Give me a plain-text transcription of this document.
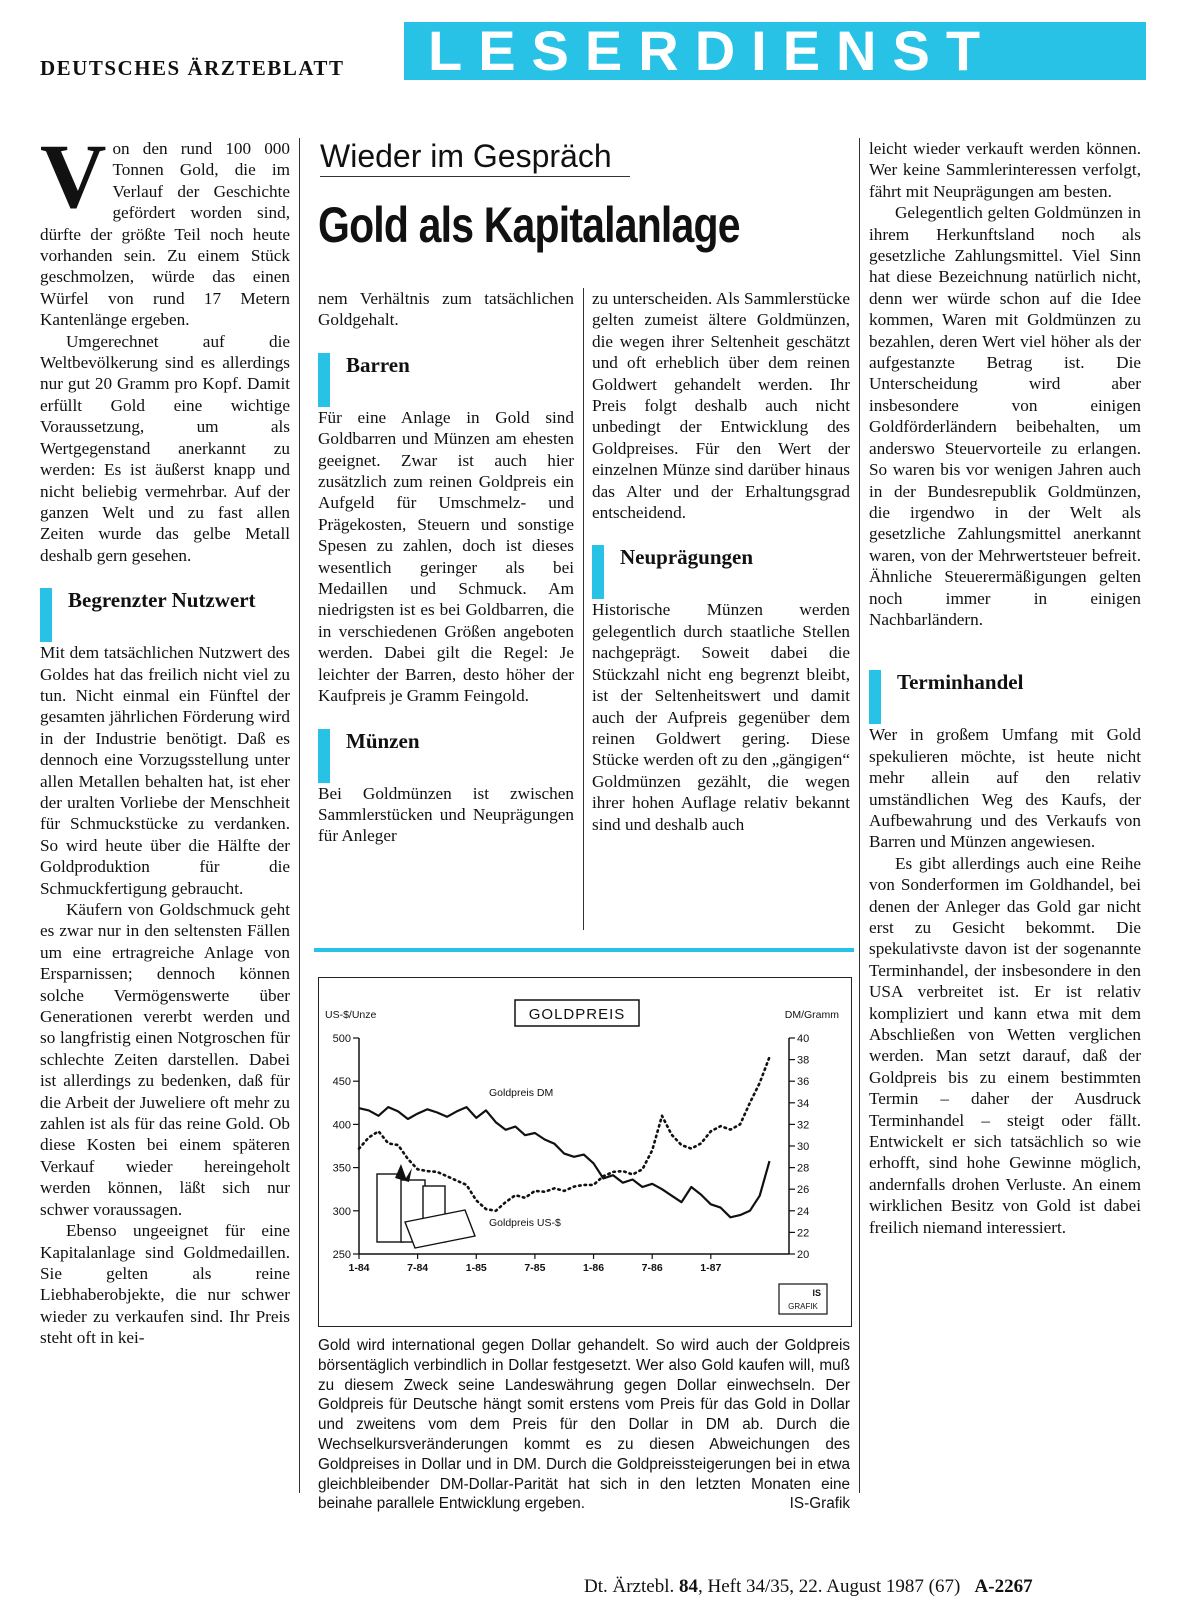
DEUTSCHES ÄRZTEBLATT LESERDIENST

Von den rund 100 000 Tonnen Gold, die im Verlauf der Geschichte gefördert worden sind, dürfte der größte Teil noch heute vorhanden sein. Zu einem Stück geschmolzen, würde das einen Würfel von rund 17 Metern Kantenlänge ergeben.

Umgerechnet auf die Weltbevölkerung sind es allerdings nur gut 20 Gramm pro Kopf. Damit erfüllt Gold eine wichtige Voraussetzung, um als Wertgegenstand anerkannt zu werden: Es ist äußerst knapp und nicht beliebig vermehrbar. Auf der ganzen Welt und zu fast allen Zeiten wurde das gelbe Metall deshalb gern gesehen.

Begrenzter Nutzwert

Mit dem tatsächlichen Nutzwert des Goldes hat das freilich nicht viel zu tun. Nicht einmal ein Fünftel der gesamten jährlichen Förderung wird in der Industrie benötigt. Daß es dennoch eine Vorzugsstellung unter allen Metallen behalten hat, ist eher der uralten Vorliebe der Menschheit für Schmuckstücke zu verdanken. So wird heute über die Hälfte der Goldproduktion für die Schmuckfertigung gebraucht.

Käufern von Goldschmuck geht es zwar nur in den seltensten Fällen um eine ertragreiche Anlage von Ersparnissen; dennoch können solche Vermögenswerte über Generationen vererbt werden und so langfristig einen Notgroschen für schlechte Zeiten darstellen. Dabei ist allerdings zu bedenken, daß für die Arbeit der Juweliere oft mehr zu zahlen ist als für das reine Gold. Ob diese Kosten bei einem späteren Verkauf wieder hereingeholt werden können, läßt sich nur schwer voraussagen.

Ebenso ungeeignet für eine Kapitalanlage sind Goldmedaillen. Sie gelten als reine Liebhaberobjekte, die nur schwer wieder zu verkaufen sind. Ihr Preis steht oft in kei-

Wieder im Gespräch
Gold als Kapitalanlage

nem Verhältnis zum tatsächlichen Goldgehalt.

Barren

Für eine Anlage in Gold sind Goldbarren und Münzen am ehesten geeignet. Zwar ist auch hier zusätzlich zum reinen Goldpreis ein Aufgeld für Umschmelz- und Prägekosten, Steuern und sonstige Spesen zu zahlen, doch ist dieses wesentlich geringer als bei Medaillen und Schmuck. Am niedrigsten ist es bei Goldbarren, die in verschiedenen Größen angeboten werden. Dabei gilt die Regel: Je leichter der Barren, desto höher der Kaufpreis je Gramm Feingold.

Münzen

Bei Goldmünzen ist zwischen Sammlerstücken und Neuprägungen für Anleger

zu unterscheiden. Als Sammlerstücke gelten zumeist ältere Goldmünzen, die wegen ihrer Seltenheit geschätzt und oft erheblich über dem reinen Goldwert gehandelt werden. Ihr Preis folgt deshalb auch nicht unbedingt der Entwicklung des Goldpreises. Für den Wert der einzelnen Münze sind darüber hinaus das Alter und der Erhaltungsgrad entscheidend.

Neuprägungen

Historische Münzen werden gelegentlich durch staatliche Stellen nachgeprägt. Soweit dabei die Stückzahl nicht eng begrenzt bleibt, ist der Seltenheitswert und damit auch der Aufpreis gegenüber dem reinen Goldwert gering. Diese Stücke werden oft zu den „gängigen“ Goldmünzen gezählt, die wegen ihrer hohen Auflage relativ bekannt sind und deshalb auch

leicht wieder verkauft werden können. Wer keine Sammlerinteressen verfolgt, fährt mit Neuprägungen am besten.

Gelegentlich gelten Goldmünzen in ihrem Herkunftsland noch als gesetzliche Zahlungsmittel. Viel Sinn hat diese Bezeichnung natürlich nicht, denn wer würde schon auf die Idee kommen, Waren mit Goldmünzen zu bezahlen, deren Wert viel höher als der aufgestanzte Betrag ist. Die Unterscheidung wird aber insbesondere von einigen Goldförderländern beibehalten, um anderswo Steuervorteile zu erlangen. So waren bis vor wenigen Jahren auch in der Bundesrepublik Goldmünzen, die irgendwo in der Welt als gesetzliche Zahlungsmittel anerkannt waren, von der Mehrwertsteuer befreit. Ähnliche Steuerermäßigungen gelten noch immer in einigen Nachbarländern.

Terminhandel

Wer in großem Umfang mit Gold spekulieren möchte, ist heute nicht mehr allein auf den relativ umständlichen Weg des Kaufs, der Aufbewahrung und des Verkaufs von Barren und Münzen angewiesen.

Es gibt allerdings auch eine Reihe von Sonderformen im Goldhandel, bei denen der Anleger das Gold gar nicht erst zu Gesicht bekommt. Die spekulativste davon ist der sogenannte Terminhandel, der insbesondere in den USA verbreitet ist. Er ist relativ kompliziert und kann etwa mit dem Abschließen von Wetten verglichen werden. Man setzt darauf, daß der Goldpreis bis zu einem bestimmten Termin – daher der Ausdruck Terminhandel – steigt oder fällt. Entwickelt er sich tatsächlich so wie erhofft, sind hohe Gewinne möglich, andernfalls drohen Verluste. An einem wirklichen Besitz von Gold ist dabei freilich niemand interessiert.

250
300
350
400
450
500
20
22
24
26
28
30
32
34
36
38
40
1-84	7-84	1-85	7-85	1-86	7-86	1-87
US-$/Unze	DM/Gramm
GOLDPREIS
Goldpreis DM
Goldpreis US-$
IS
GRAFIK
Gold wird international gegen Dollar gehandelt. So wird auch der Goldpreis börsentäglich verbindlich in Dollar festgesetzt. Wer also Gold kaufen will, muß zu diesem Zweck seine Landeswährung gegen Dollar einwechseln. Der Goldpreis für Deutsche hängt somit erstens vom Preis für das Gold in Dollar und zweitens vom dem Preis für den Dollar in DM ab. Durch die Wechselkursveränderungen kommt es zu diesen Abweichungen des Goldpreises in Dollar und in DM. Durch die Goldpreissteigerungen bei in etwa gleichbleibender DM-Dollar-Parität hat sich in den letzten Monaten eine beinahe parallele Entwicklung ergeben.	IS-Grafik
Dt. Ärztebl. 84, Heft 34/35, 22. August 1987 (67) A-2267
